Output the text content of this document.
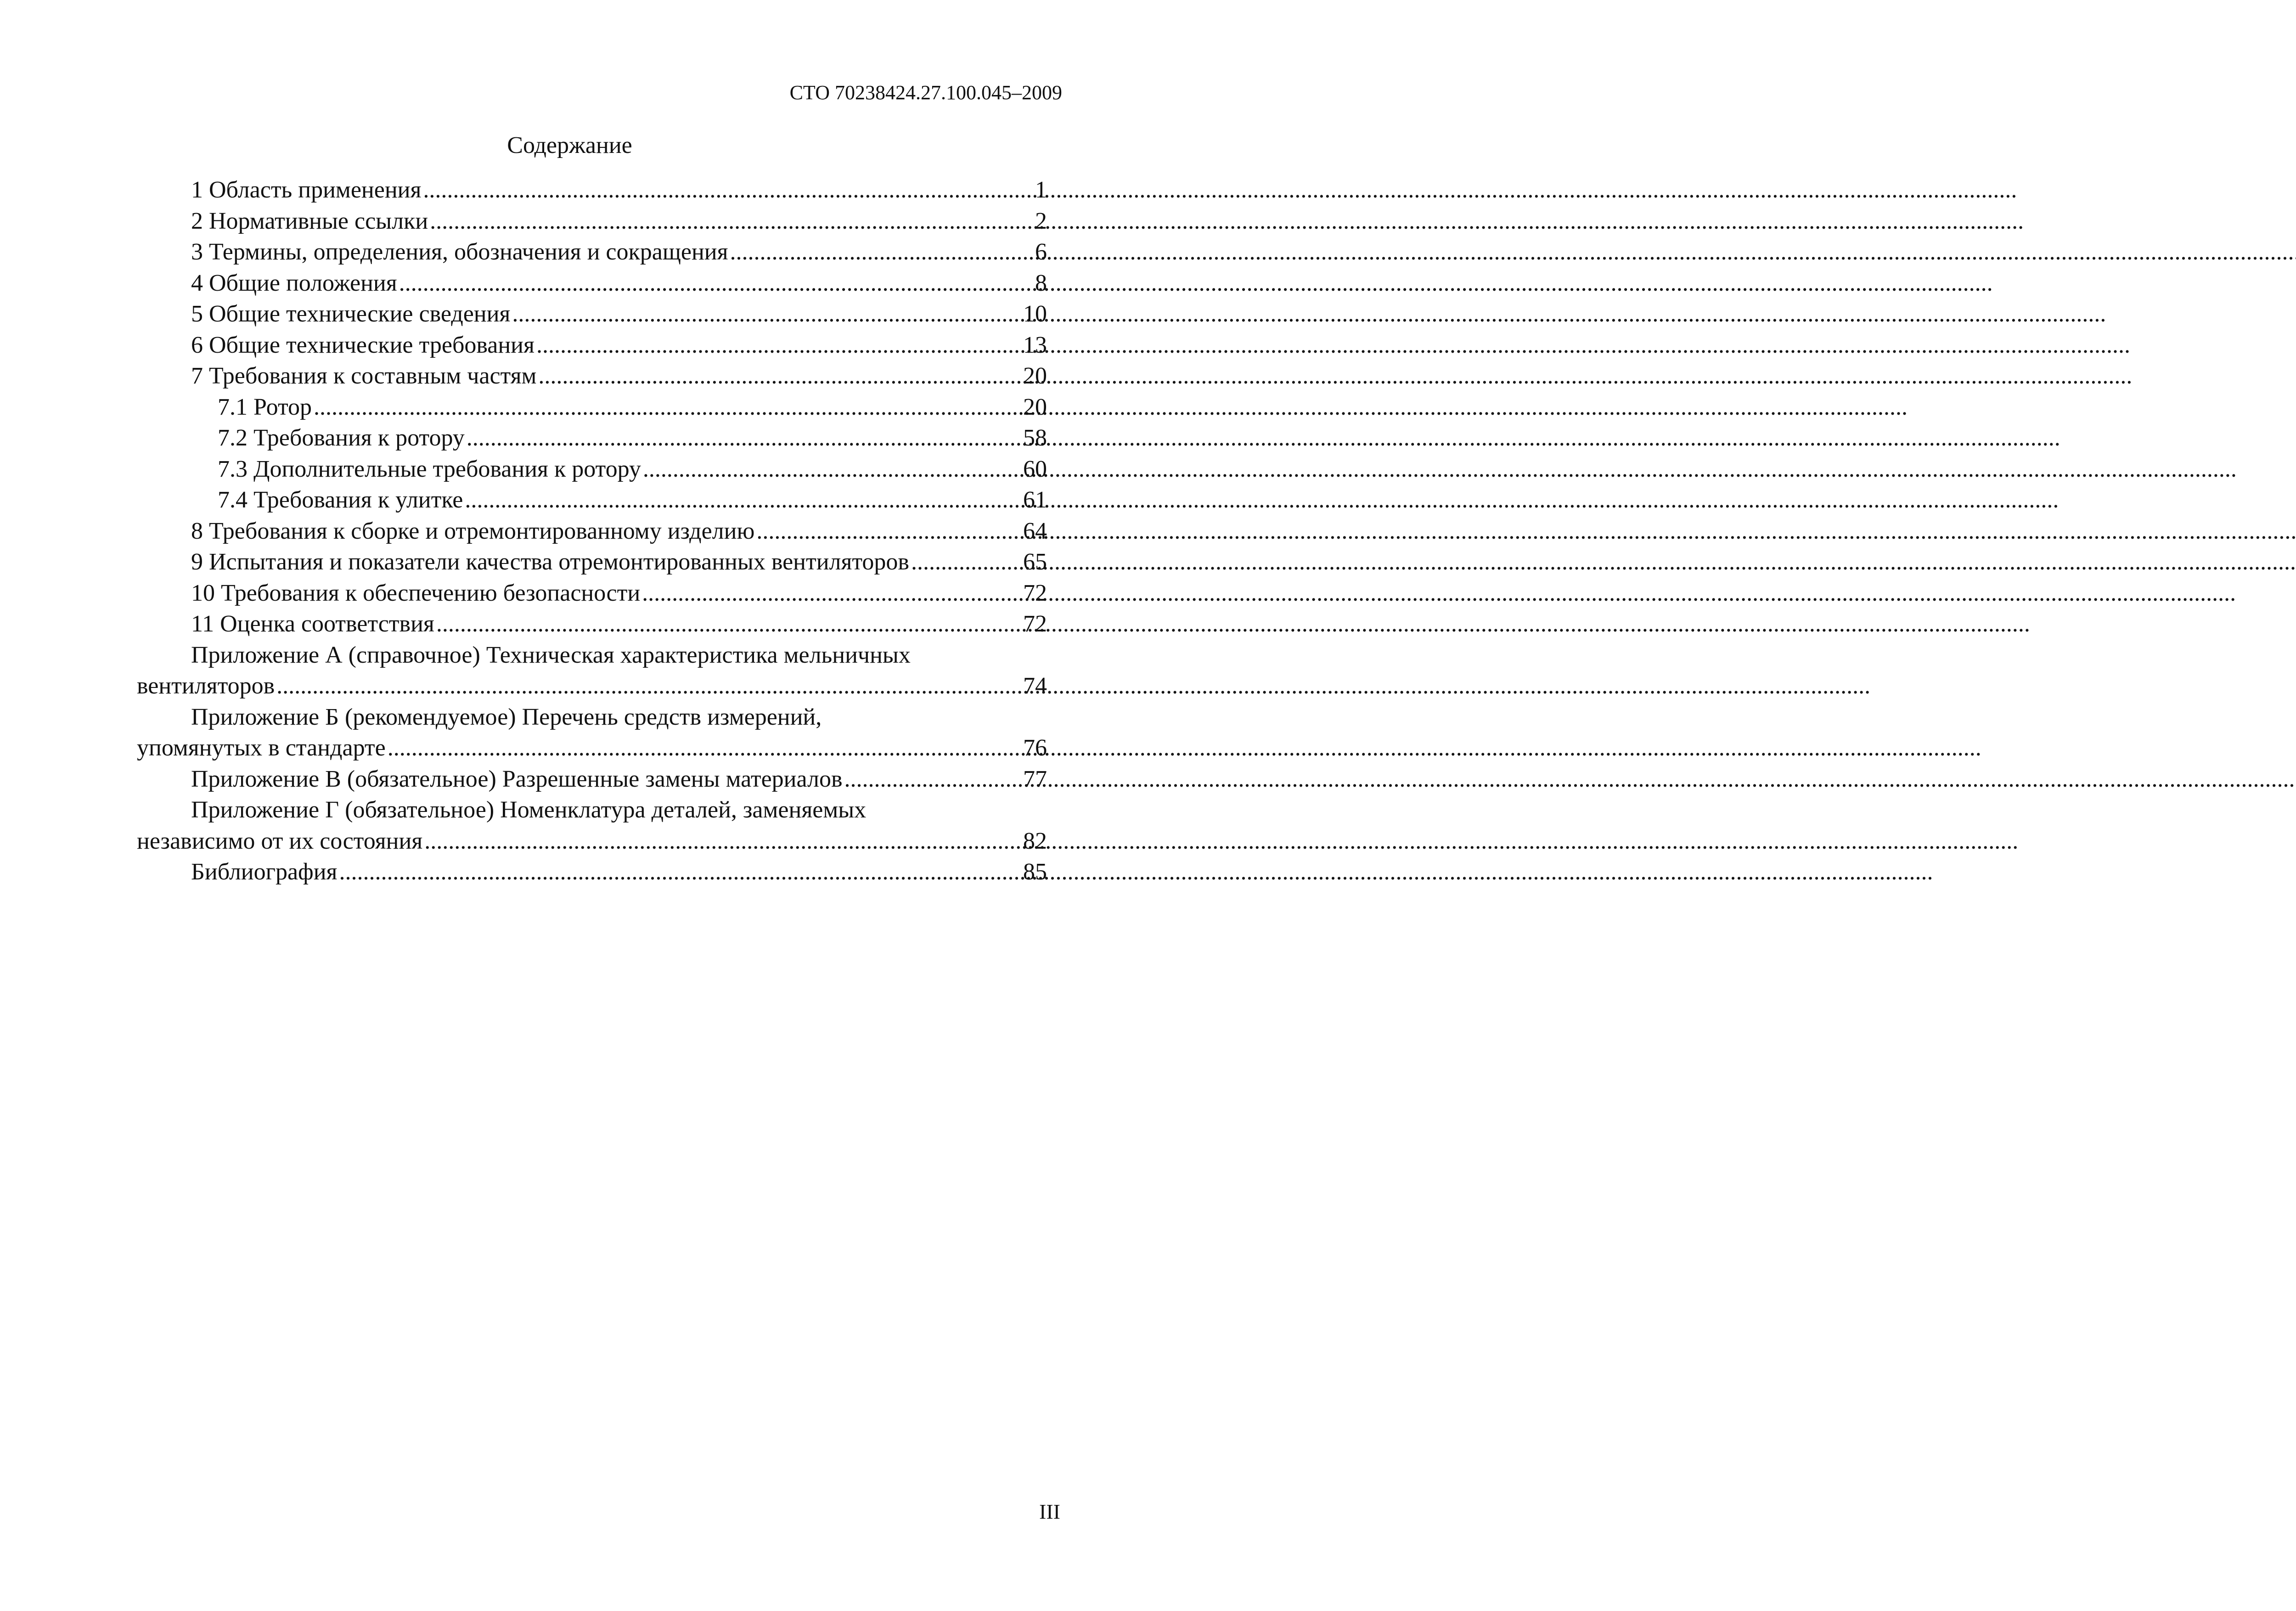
СТО 70238424.27.100.045–2009
Содержание
1 Область применения .....	1
2 Нормативные ссылки .....	2
3 Термины, определения, обозначения и сокращения .....	6
4 Общие положения .....	8
5 Общие технические сведения .....	10
6 Общие технические требования .....	13
7 Требования к составным частям .....	20
7.1 Ротор .....	20
7.2 Требования к ротору .....	58
7.3 Дополнительные требования к ротору .....	60
7.4 Требования к улитке .....	61
8 Требования к сборке и отремонтированному изделию .....	64
9 Испытания и показатели качества отремонтированных вентиляторов .....	65
10 Требования к обеспечению безопасности .....	72
11 Оценка соответствия .....	72
Приложение А (справочное) Техническая характеристика мельничных
вентиляторов .....	74
Приложение Б (рекомендуемое) Перечень средств измерений,
упомянутых в стандарте .....	76
Приложение В (обязательное) Разрешенные замены материалов .....	77
Приложение Г (обязательное) Номенклатура деталей, заменяемых
независимо от их состояния .....	82
Библиография .....	85
III
